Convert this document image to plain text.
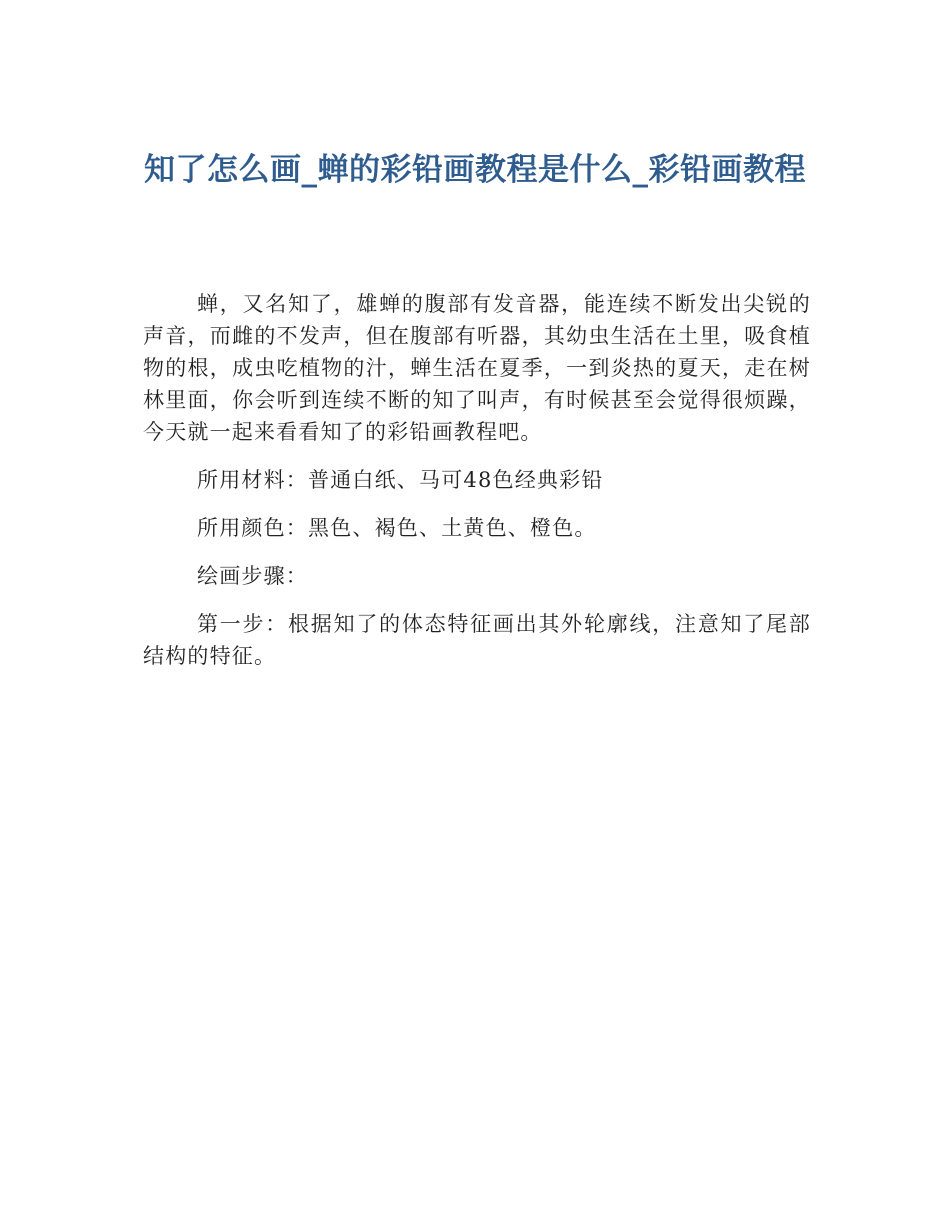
知了怎么画_蝉的彩铅画教程是什么_彩铅画教程

蝉，又名知了，雄蝉的腹部有发音器，能连续不断发出尖锐的声音，而雌的不发声，但在腹部有听器，其幼虫生活在土里，吸食植物的根，成虫吃植物的汁，蝉生活在夏季，一到炎热的夏天，走在树林里面，你会听到连续不断的知了叫声，有时候甚至会觉得很烦躁，今天就一起来看看知了的彩铅画教程吧。

所用材料：普通白纸、马可48色经典彩铅

所用颜色：黑色、褐色、土黄色、橙色。

绘画步骤：

第一步：根据知了的体态特征画出其外轮廓线，注意知了尾部结构的特征。
